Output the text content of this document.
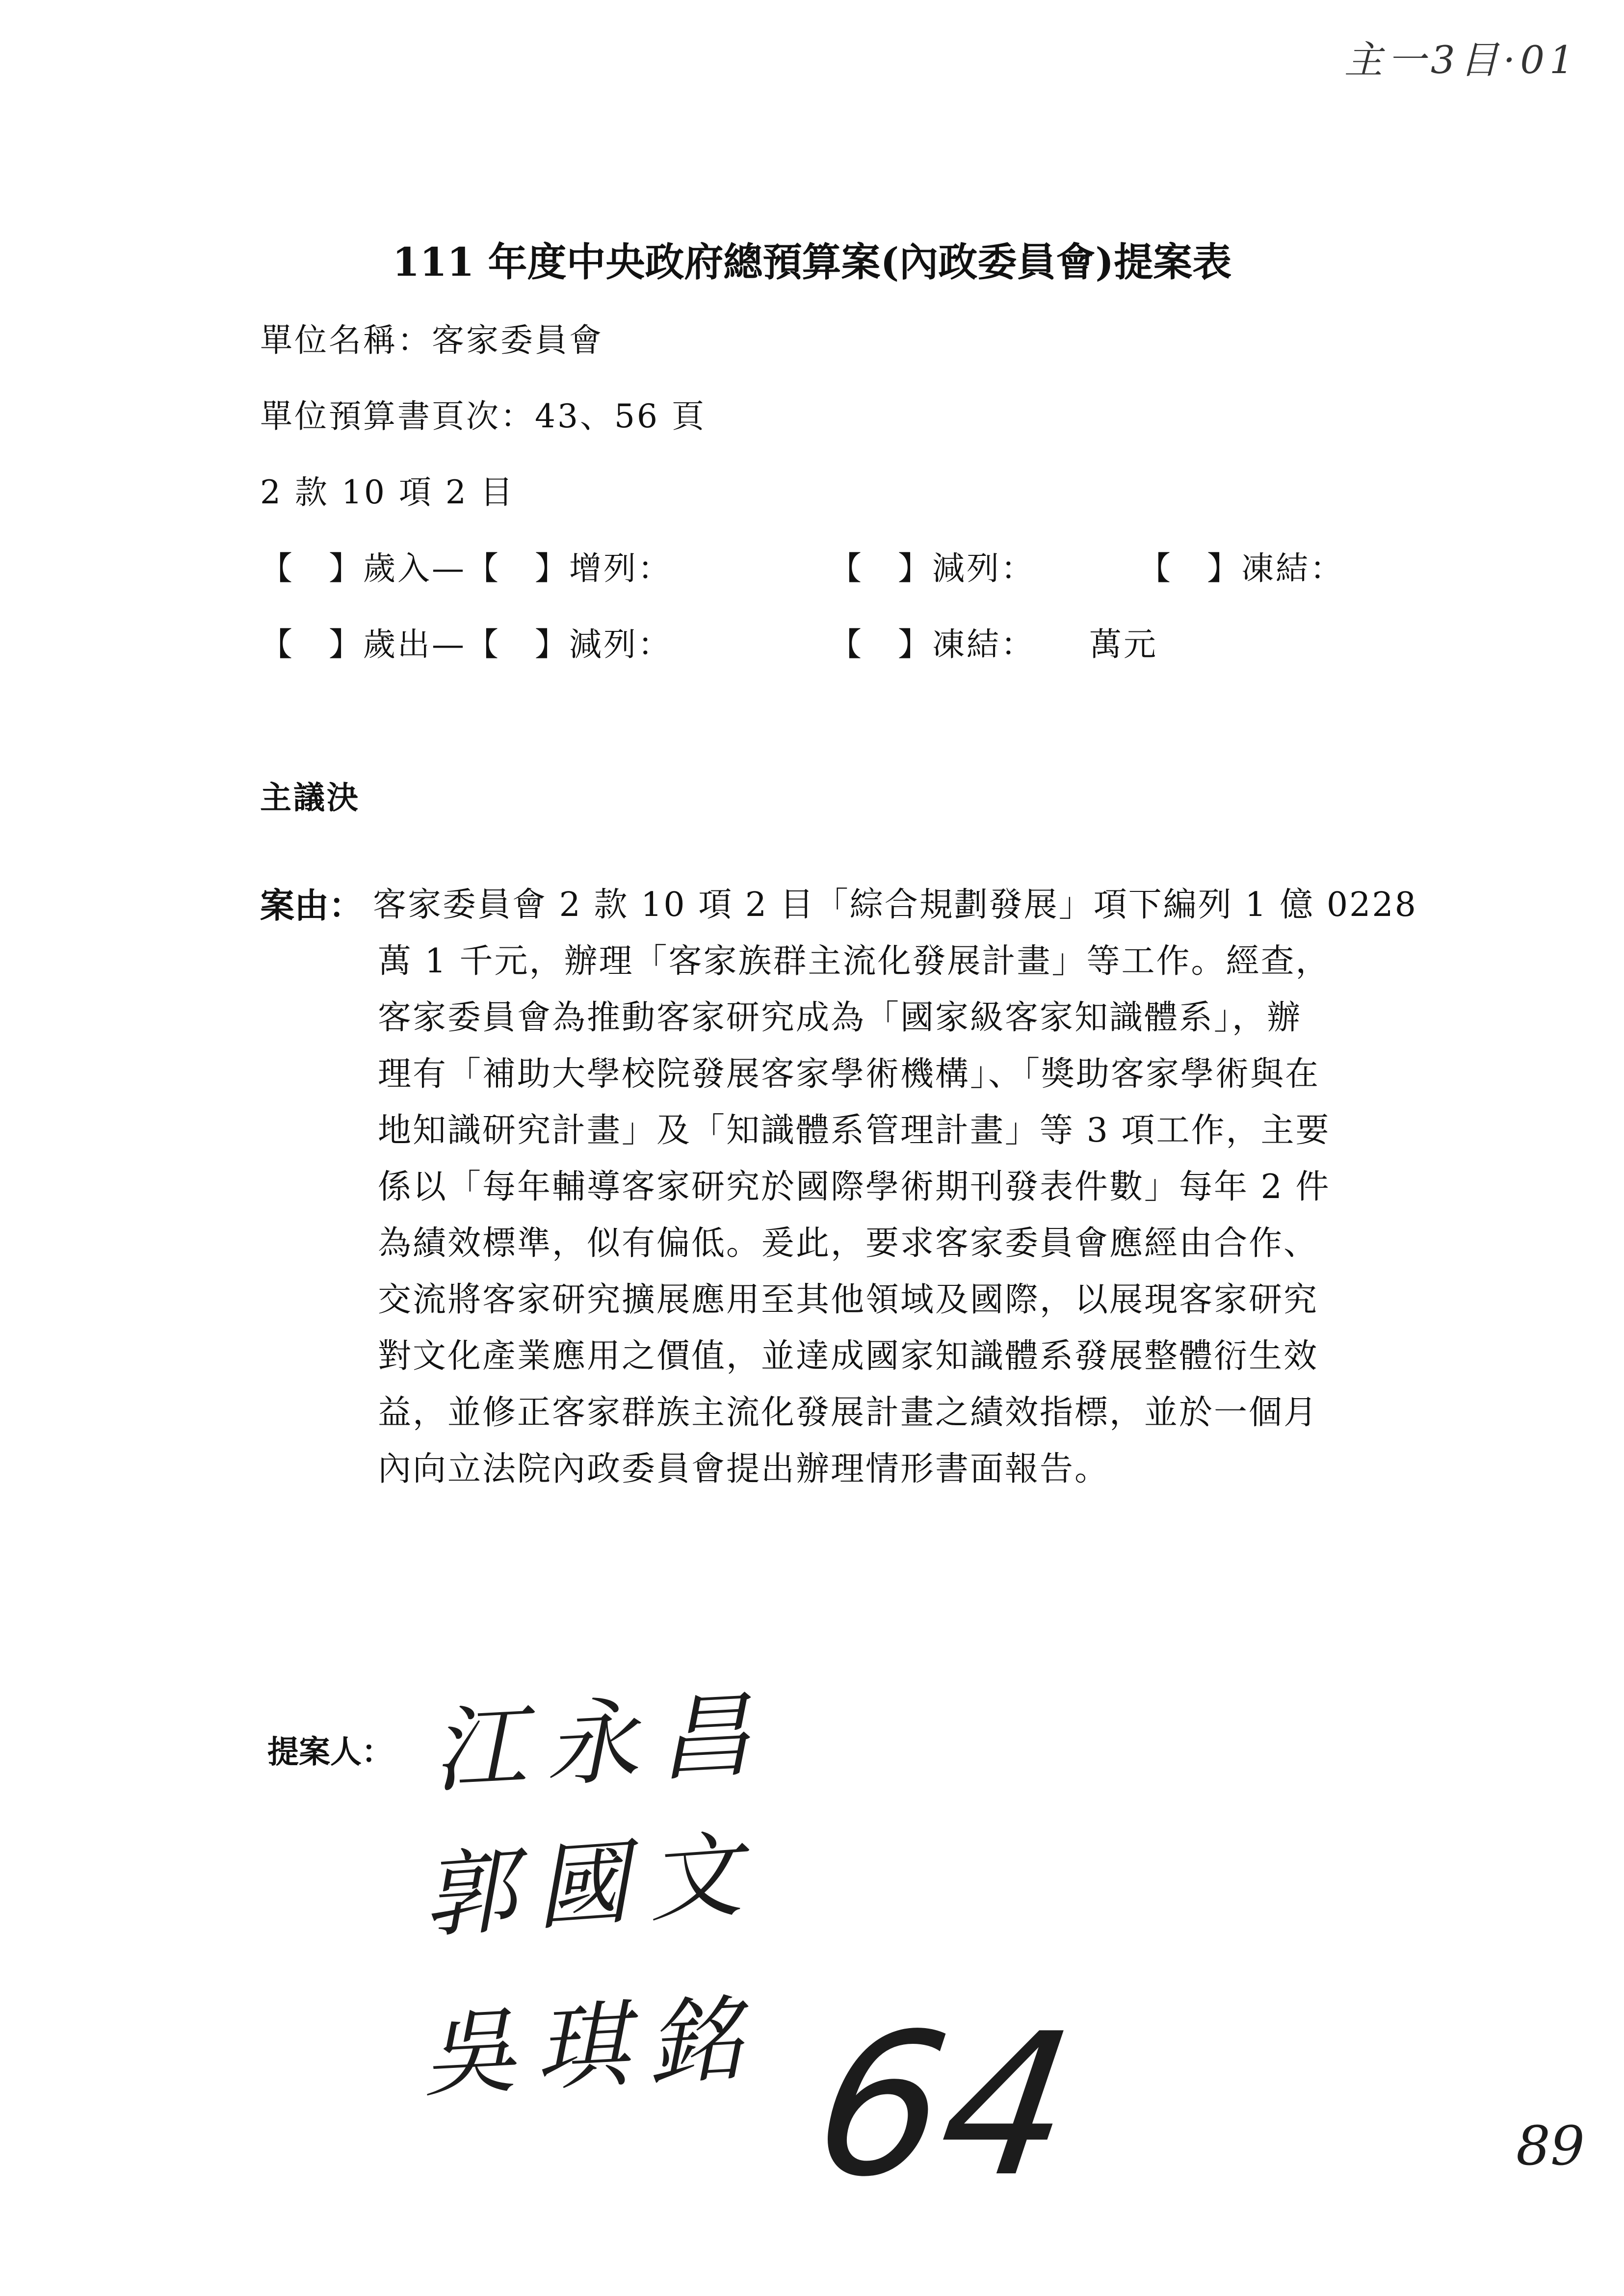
主一3目·01
111 年度中央政府總預算案(內政委員會)提案表
單位名稱：客家委員會
單位預算書頁次：43、56 頁
2 款 10 項 2 目
【　】歲入—【　】增列：	【　】減列：	【　】凍結：
【　】歲出—【　】減列：	【　】凍結： 萬元
主議決
案由： 客家委員會 2 款 10 項 2 目「綜合規劃發展」項下編列 1 億 0228
萬 1 千元，辦理「客家族群主流化發展計畫」等工作。經查，
客家委員會為推動客家研究成為「國家級客家知識體系」，辦
理有「補助大學校院發展客家學術機構」、「獎助客家學術與在
地知識研究計畫」及「知識體系管理計畫」等 3 項工作，主要
係以「每年輔導客家研究於國際學術期刊發表件數」每年 2 件
為績效標準，似有偏低。爰此，要求客家委員會應經由合作、
交流將客家研究擴展應用至其他領域及國際，以展現客家研究
對文化產業應用之價值，並達成國家知識體系發展整體衍生效
益，並修正客家群族主流化發展計畫之績效指標，並於一個月
內向立法院內政委員會提出辦理情形書面報告。
提案人： 江永昌
郭國文
吳琪銘 64	89
